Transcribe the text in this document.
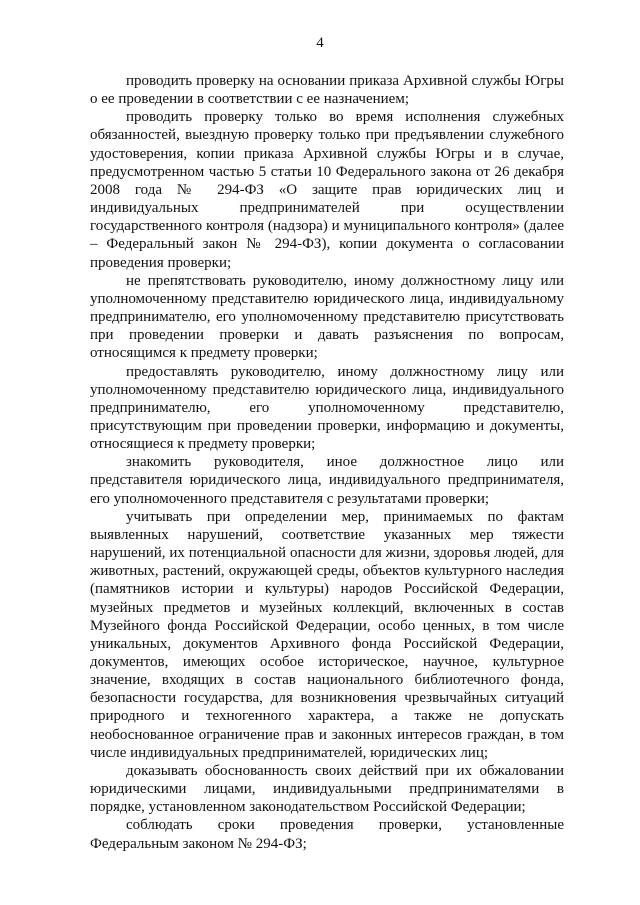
4

проводить проверку на основании приказа Архивной службы Югры о ее проведении в соответствии с ее назначением;

проводить проверку только во время исполнения служебных обязанностей, выездную проверку только при предъявлении служебного удостоверения, копии приказа Архивной службы Югры и в случае, предусмотренном частью 5 статьи 10 Федерального закона от 26 декабря 2008 года № 294-ФЗ «О защите прав юридических лиц и индивидуальных предпринимателей при осуществлении государственного контроля (надзора) и муниципального контроля» (далее – Федеральный закон № 294-ФЗ), копии документа о согласовании проведения проверки;

не препятствовать руководителю, иному должностному лицу или уполномоченному представителю юридического лица, индивидуальному предпринимателю, его уполномоченному представителю присутствовать при проведении проверки и давать разъяснения по вопросам, относящимся к предмету проверки;

предоставлять руководителю, иному должностному лицу или уполномоченному представителю юридического лица, индивидуального предпринимателю, его уполномоченному представителю, присутствующим при проведении проверки, информацию и документы, относящиеся к предмету проверки;

знакомить руководителя, иное должностное лицо или представителя юридического лица, индивидуального предпринимателя, его уполномоченного представителя с результатами проверки;

учитывать при определении мер, принимаемых по фактам выявленных нарушений, соответствие указанных мер тяжести нарушений, их потенциальной опасности для жизни, здоровья людей, для животных, растений, окружающей среды, объектов культурного наследия (памятников истории и культуры) народов Российской Федерации, музейных предметов и музейных коллекций, включенных в состав Музейного фонда Российской Федерации, особо ценных, в том числе уникальных, документов Архивного фонда Российской Федерации, документов, имеющих особое историческое, научное, культурное значение, входящих в состав национального библиотечного фонда, безопасности государства, для возникновения чрезвычайных ситуаций природного и техногенного характера, а также не допускать необоснованное ограничение прав и законных интересов граждан, в том числе индивидуальных предпринимателей, юридических лиц;

доказывать обоснованность своих действий при их обжаловании юридическими лицами, индивидуальными предпринимателями в порядке, установленном законодательством Российской Федерации;

соблюдать сроки проведения проверки, установленные Федеральным законом № 294-ФЗ;
